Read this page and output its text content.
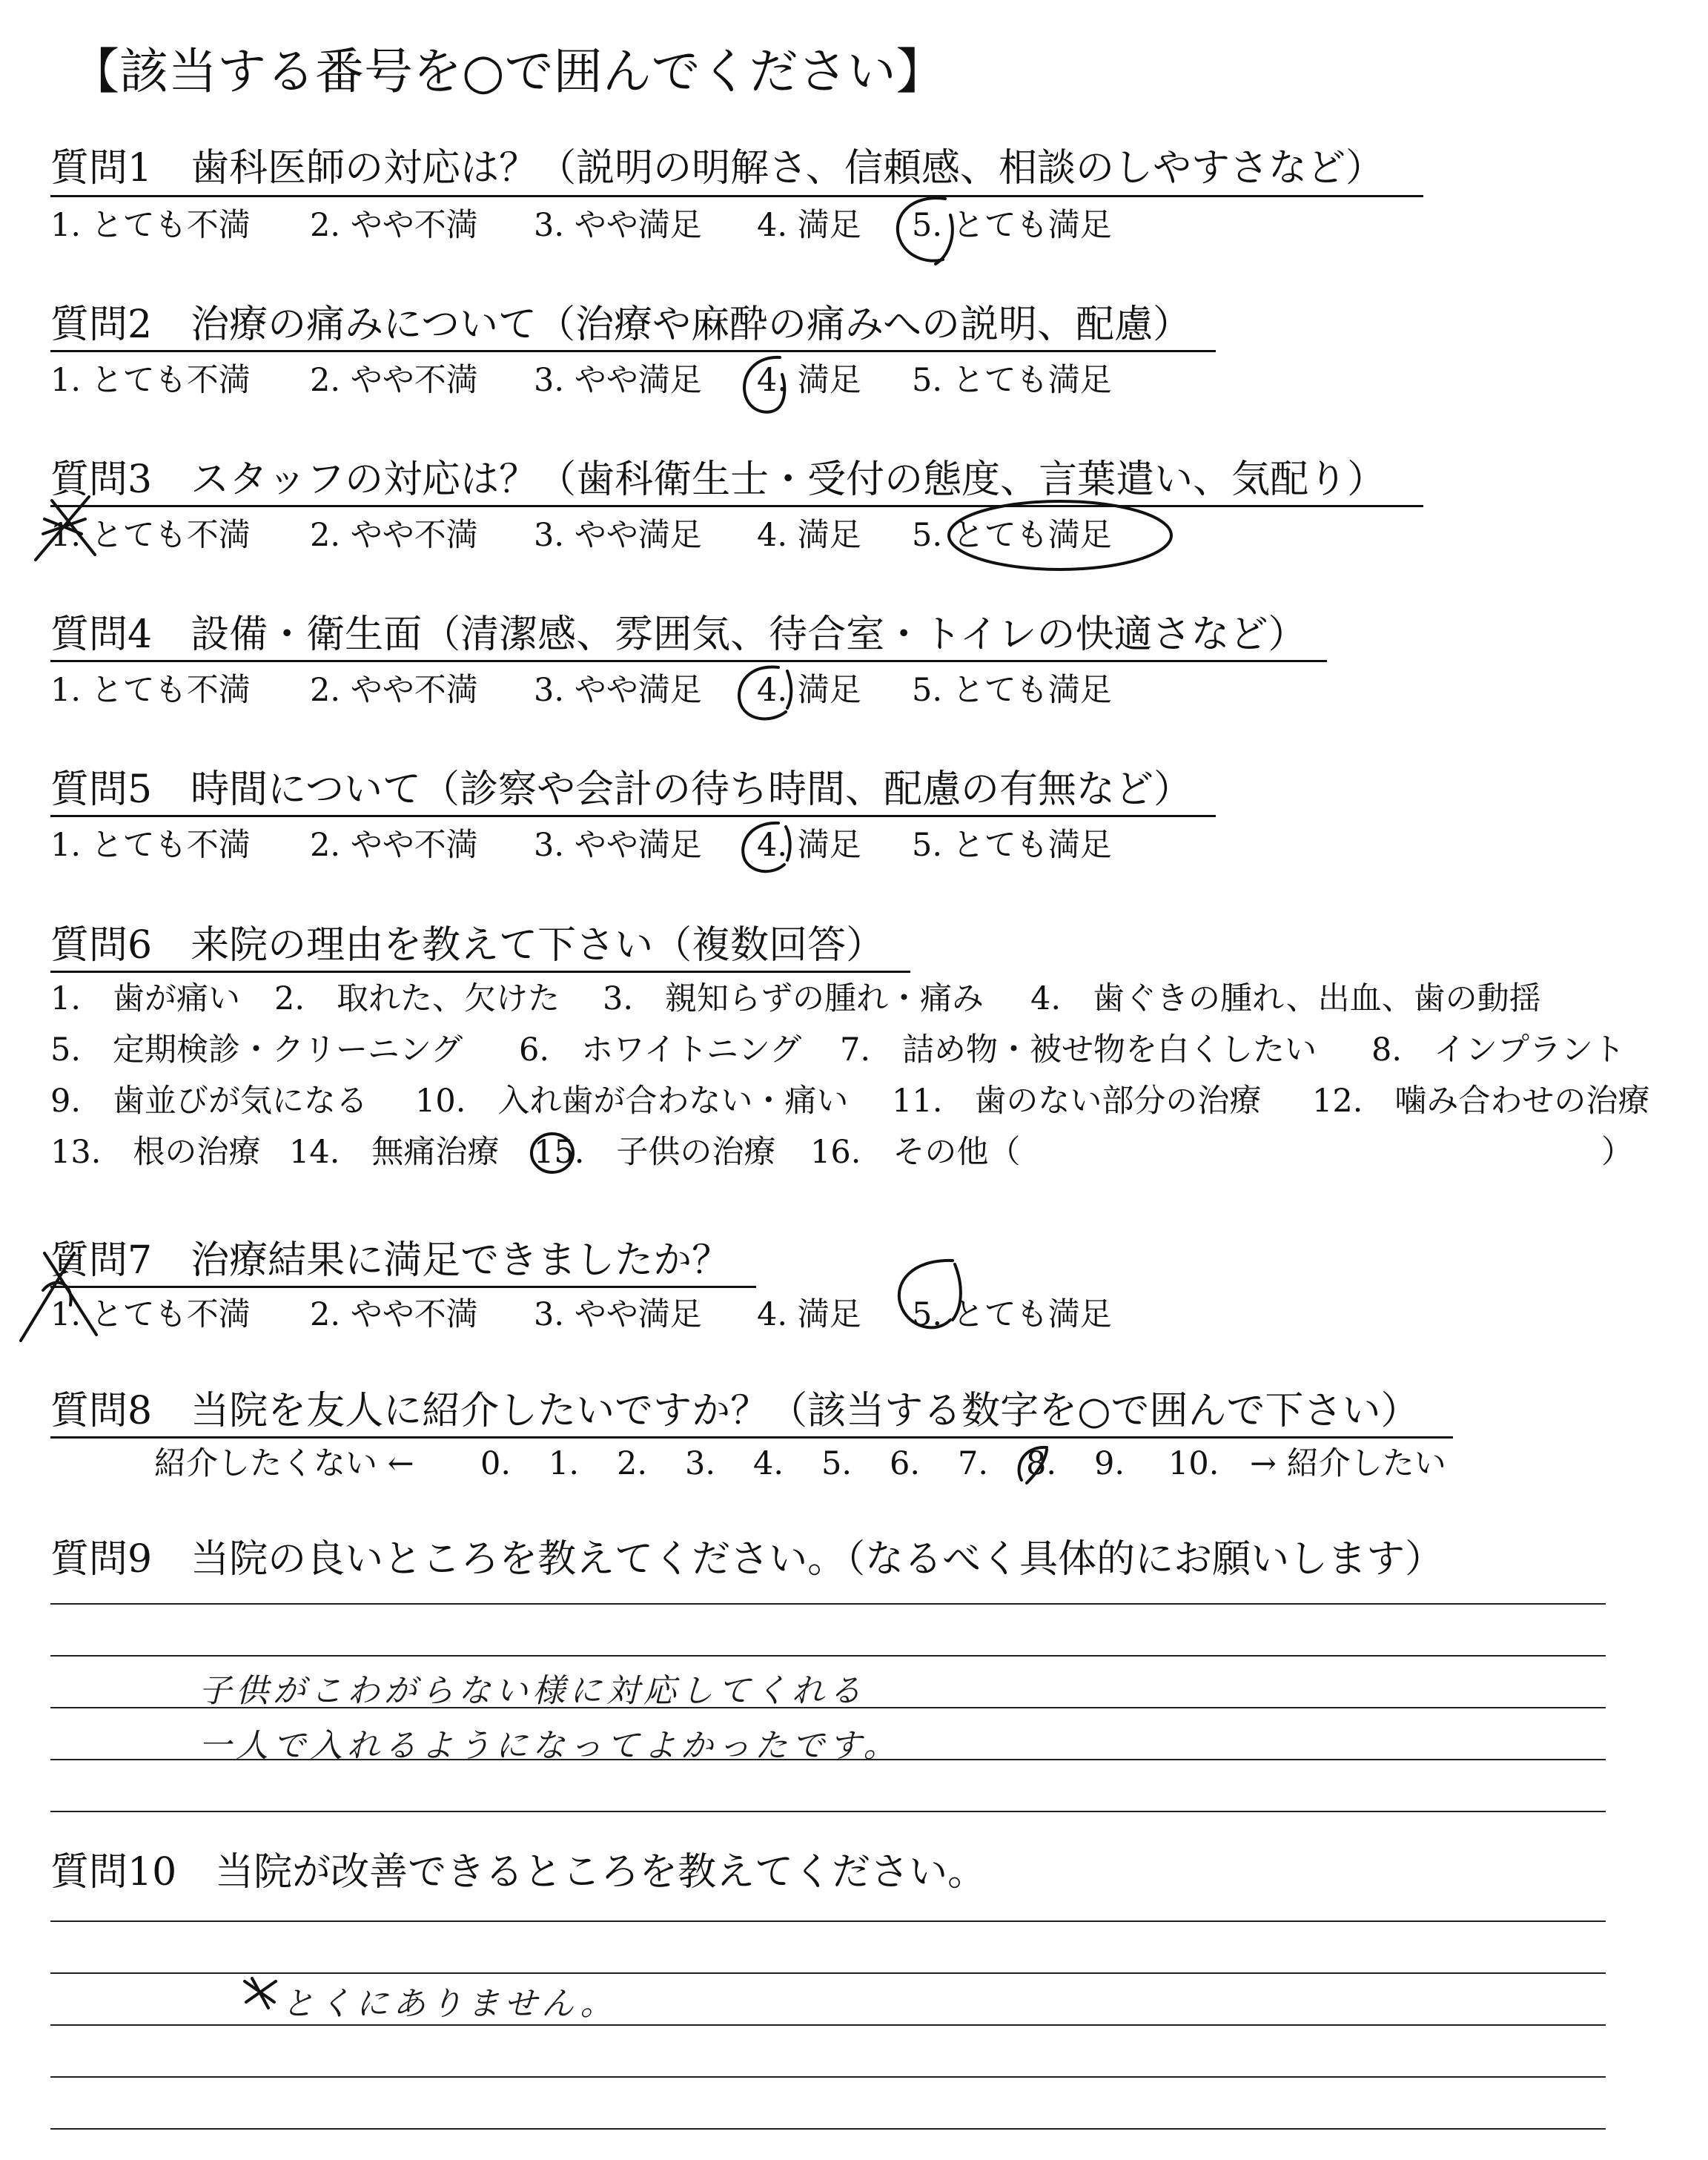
【該当する番号を○で囲んでください】
質問1　歯科医師の対応は？（説明の明解さ、信頼感、相談のしやすさなど）
1. とても不満 2. やや不満 3. やや満足 4. 満足 5. とても満足
質問2　治療の痛みについて（治療や麻酔の痛みへの説明、配慮）
1. とても不満 2. やや不満 3. やや満足 4. 満足 5. とても満足
質問3　スタッフの対応は？（歯科衛生士・受付の態度、言葉遣い、気配り）
1. とても不満 2. やや不満 3. やや満足 4. 満足 5. とても満足
質問4　設備・衛生面（清潔感、雰囲気、待合室・トイレの快適さなど）
1. とても不満 2. やや不満 3. やや満足 4. 満足 5. とても満足
質問5　時間について（診察や会計の待ち時間、配慮の有無など）
1. とても不満 2. やや不満 3. やや満足 4. 満足 5. とても満足
質問6　来院の理由を教えて下さい（複数回答）
1.　歯が痛い 2.　取れた、欠けた 3.　親知らずの腫れ・痛み 4.　歯ぐきの腫れ、出血、歯の動揺
5.　定期検診・クリーニング 6.　ホワイトニング 7.　詰め物・被せ物を白くしたい 8.　インプラント
9.　歯並びが気になる 10.　入れ歯が合わない・痛い 11.　歯のない部分の治療 12.　噛み合わせの治療
13.　根の治療 14.　無痛治療 15.　子供の治療 16.　その他（	）
質問7　治療結果に満足できましたか？
1. とても不満 2. やや不満 3. やや満足 4. 満足 5. とても満足
質問8　当院を友人に紹介したいですか？（該当する数字を○で囲んで下さい）
紹介したくない ← 0. 1. 2. 3. 4. 5. 6. 7. 8. 9. 10. → 紹介したい
質問9　当院の良いところを教えてください。（なるべく具体的にお願いします）
子供がこわがらない様に対応してくれる
一人で入れるようになってよかったです。
質問10　当院が改善できるところを教えてください。
とくにありません。
